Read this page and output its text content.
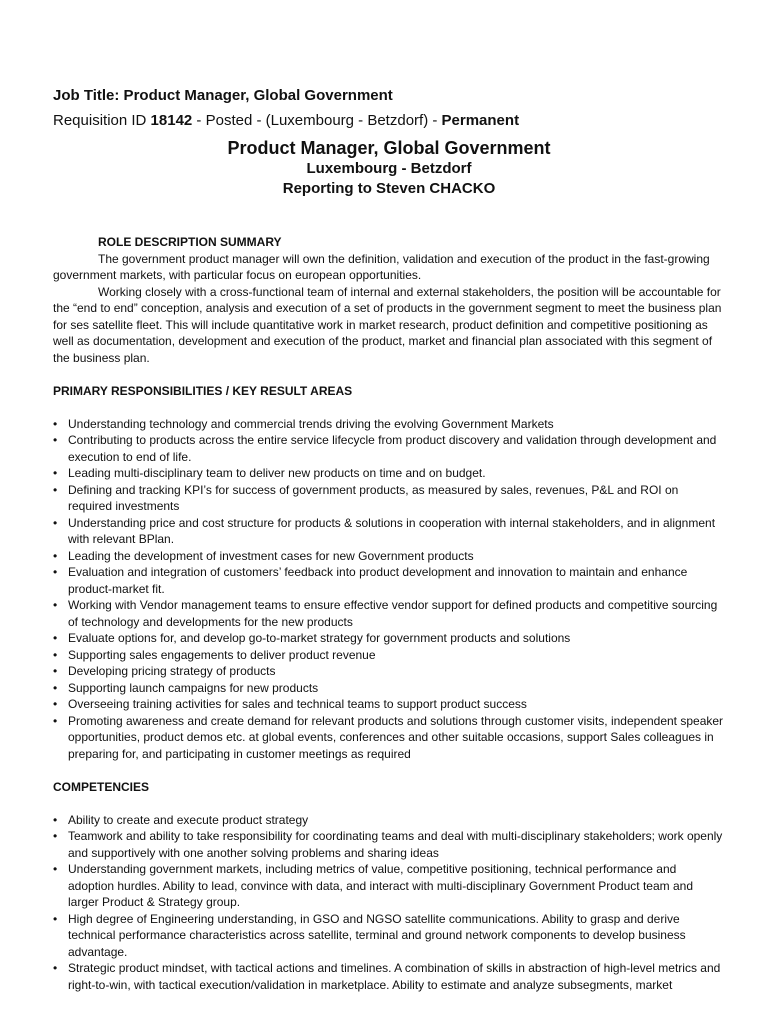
Job Title: Product Manager, Global Government

Requisition ID 18142 - Posted - (Luxembourg - Betzdorf) - Permanent

Product Manager, Global Government

Luxembourg - Betzdorf

Reporting to Steven CHACKO

ROLE DESCRIPTION SUMMARY

The government product manager will own the definition, validation and execution of the product in the fast-growing government markets, with particular focus on european opportunities.

Working closely with a cross-functional team of internal and external stakeholders, the position will be accountable for the “end to end” conception, analysis and execution of a set of products in the government segment to meet the business plan for ses satellite fleet. This will include quantitative work in market research, product definition and competitive positioning as well as documentation, development and execution of the product, market and financial plan associated with this segment of the business plan.

PRIMARY RESPONSIBILITIES / KEY RESULT AREAS

• Understanding technology and commercial trends driving the evolving Government Markets
• Contributing to products across the entire service lifecycle from product discovery and validation through development and execution to end of life.
• Leading multi-disciplinary team to deliver new products on time and on budget.
• Defining and tracking KPI’s for success of government products, as measured by sales, revenues, P&L and ROI on required investments
• Understanding price and cost structure for products & solutions in cooperation with internal stakeholders, and in alignment with relevant BPlan.
• Leading the development of investment cases for new Government products
• Evaluation and integration of customers’ feedback into product development and innovation to maintain and enhance product-market fit.
• Working with Vendor management teams to ensure effective vendor support for defined products and competitive sourcing of technology and developments for the new products
• Evaluate options for, and develop go-to-market strategy for government products and solutions
• Supporting sales engagements to deliver product revenue
• Developing pricing strategy of products
• Supporting launch campaigns for new products
• Overseeing training activities for sales and technical teams to support product success
• Promoting awareness and create demand for relevant products and solutions through customer visits, independent speaker opportunities, product demos etc. at global events, conferences and other suitable occasions, support Sales colleagues in preparing for, and participating in customer meetings as required

COMPETENCIES

• Ability to create and execute product strategy
• Teamwork and ability to take responsibility for coordinating teams and deal with multi-disciplinary stakeholders; work openly and supportively with one another solving problems and sharing ideas
• Understanding government markets, including metrics of value, competitive positioning, technical performance and adoption hurdles. Ability to lead, convince with data, and interact with multi-disciplinary Government Product team and larger Product & Strategy group.
• High degree of Engineering understanding, in GSO and NGSO satellite communications. Ability to grasp and derive technical performance characteristics across satellite, terminal and ground network components to develop business advantage.
• Strategic product mindset, with tactical actions and timelines. A combination of skills in abstraction of high-level metrics and right-to-win, with tactical execution/validation in marketplace. Ability to estimate and analyze subsegments, market
